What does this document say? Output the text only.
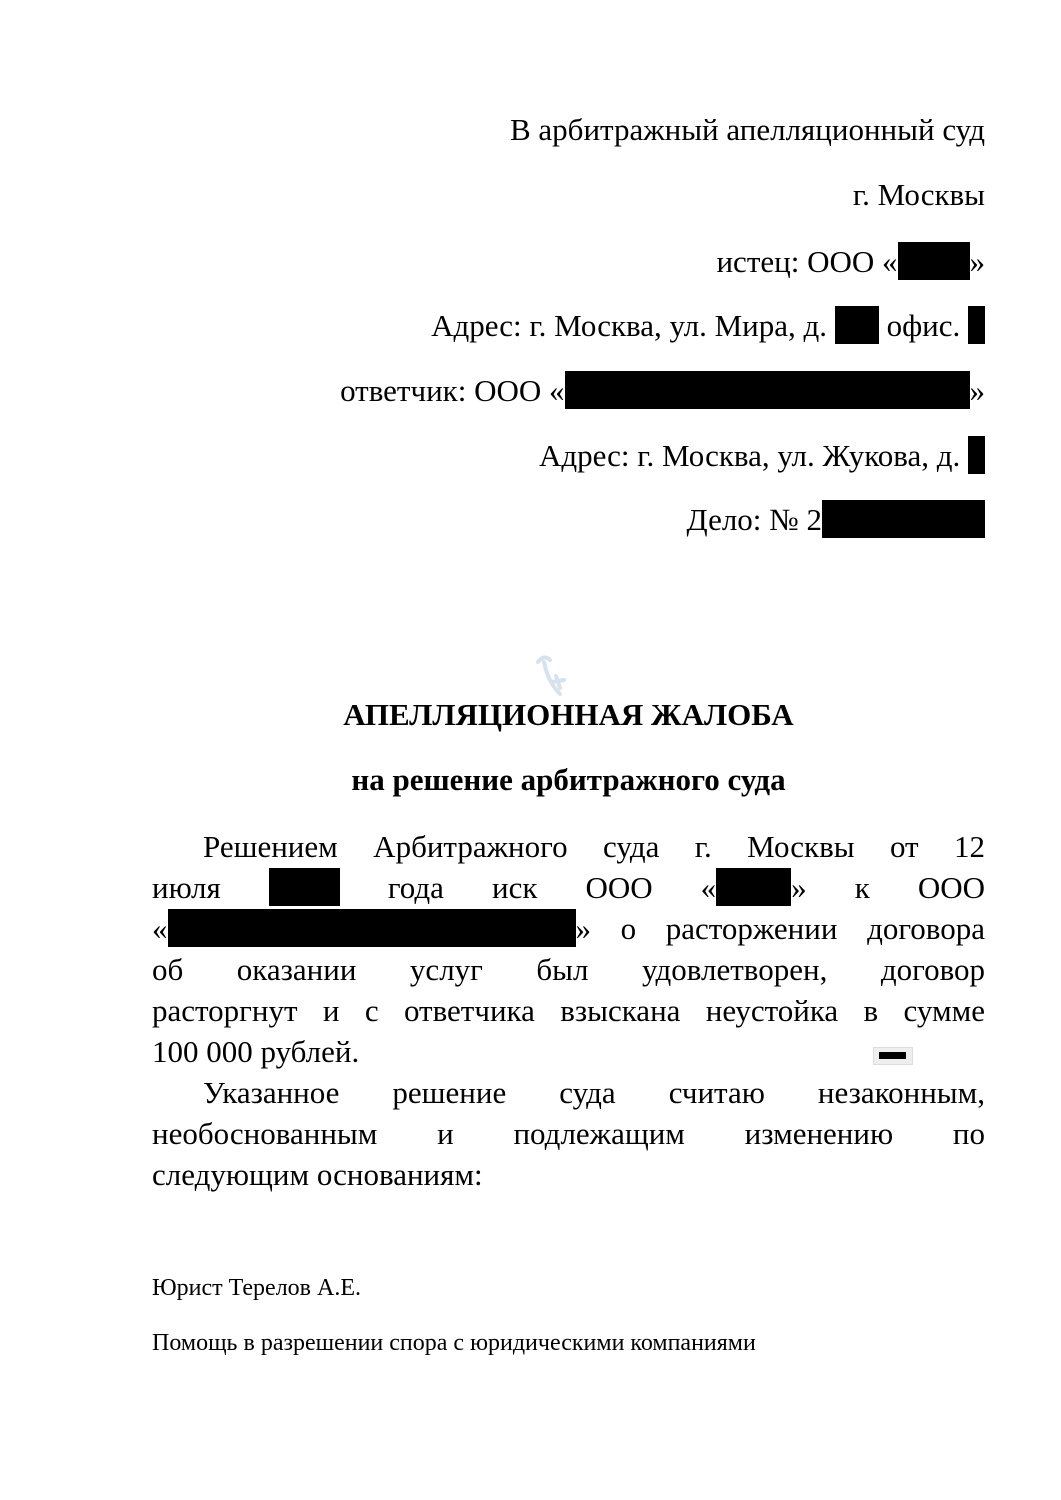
В арбитражный апелляционный суд
г. Москвы
истец: ООО « »
Адрес: г. Москва, ул. Мира, д. офис.
ответчик: ООО «	»
Адрес: г. Москва, ул. Жукова, д.
Дело: № 2
АПЕЛЛЯЦИОННАЯ ЖАЛОБА
на решение арбитражного суда
Решением Арбитражного суда г. Москвы от 12
июля	года иск ООО « » к ООО
«	» о расторжении договора
об оказании услуг был удовлетворен, договор
расторгнут и с ответчика взыскана неустойка в сумме
100 000 рублей.
Указанное решение суда считаю незаконным,
необоснованным и подлежащим изменению по
следующим основаниям:
Юрист Терелов А.Е.
Помощь в разрешении спора с юридическими компаниями
